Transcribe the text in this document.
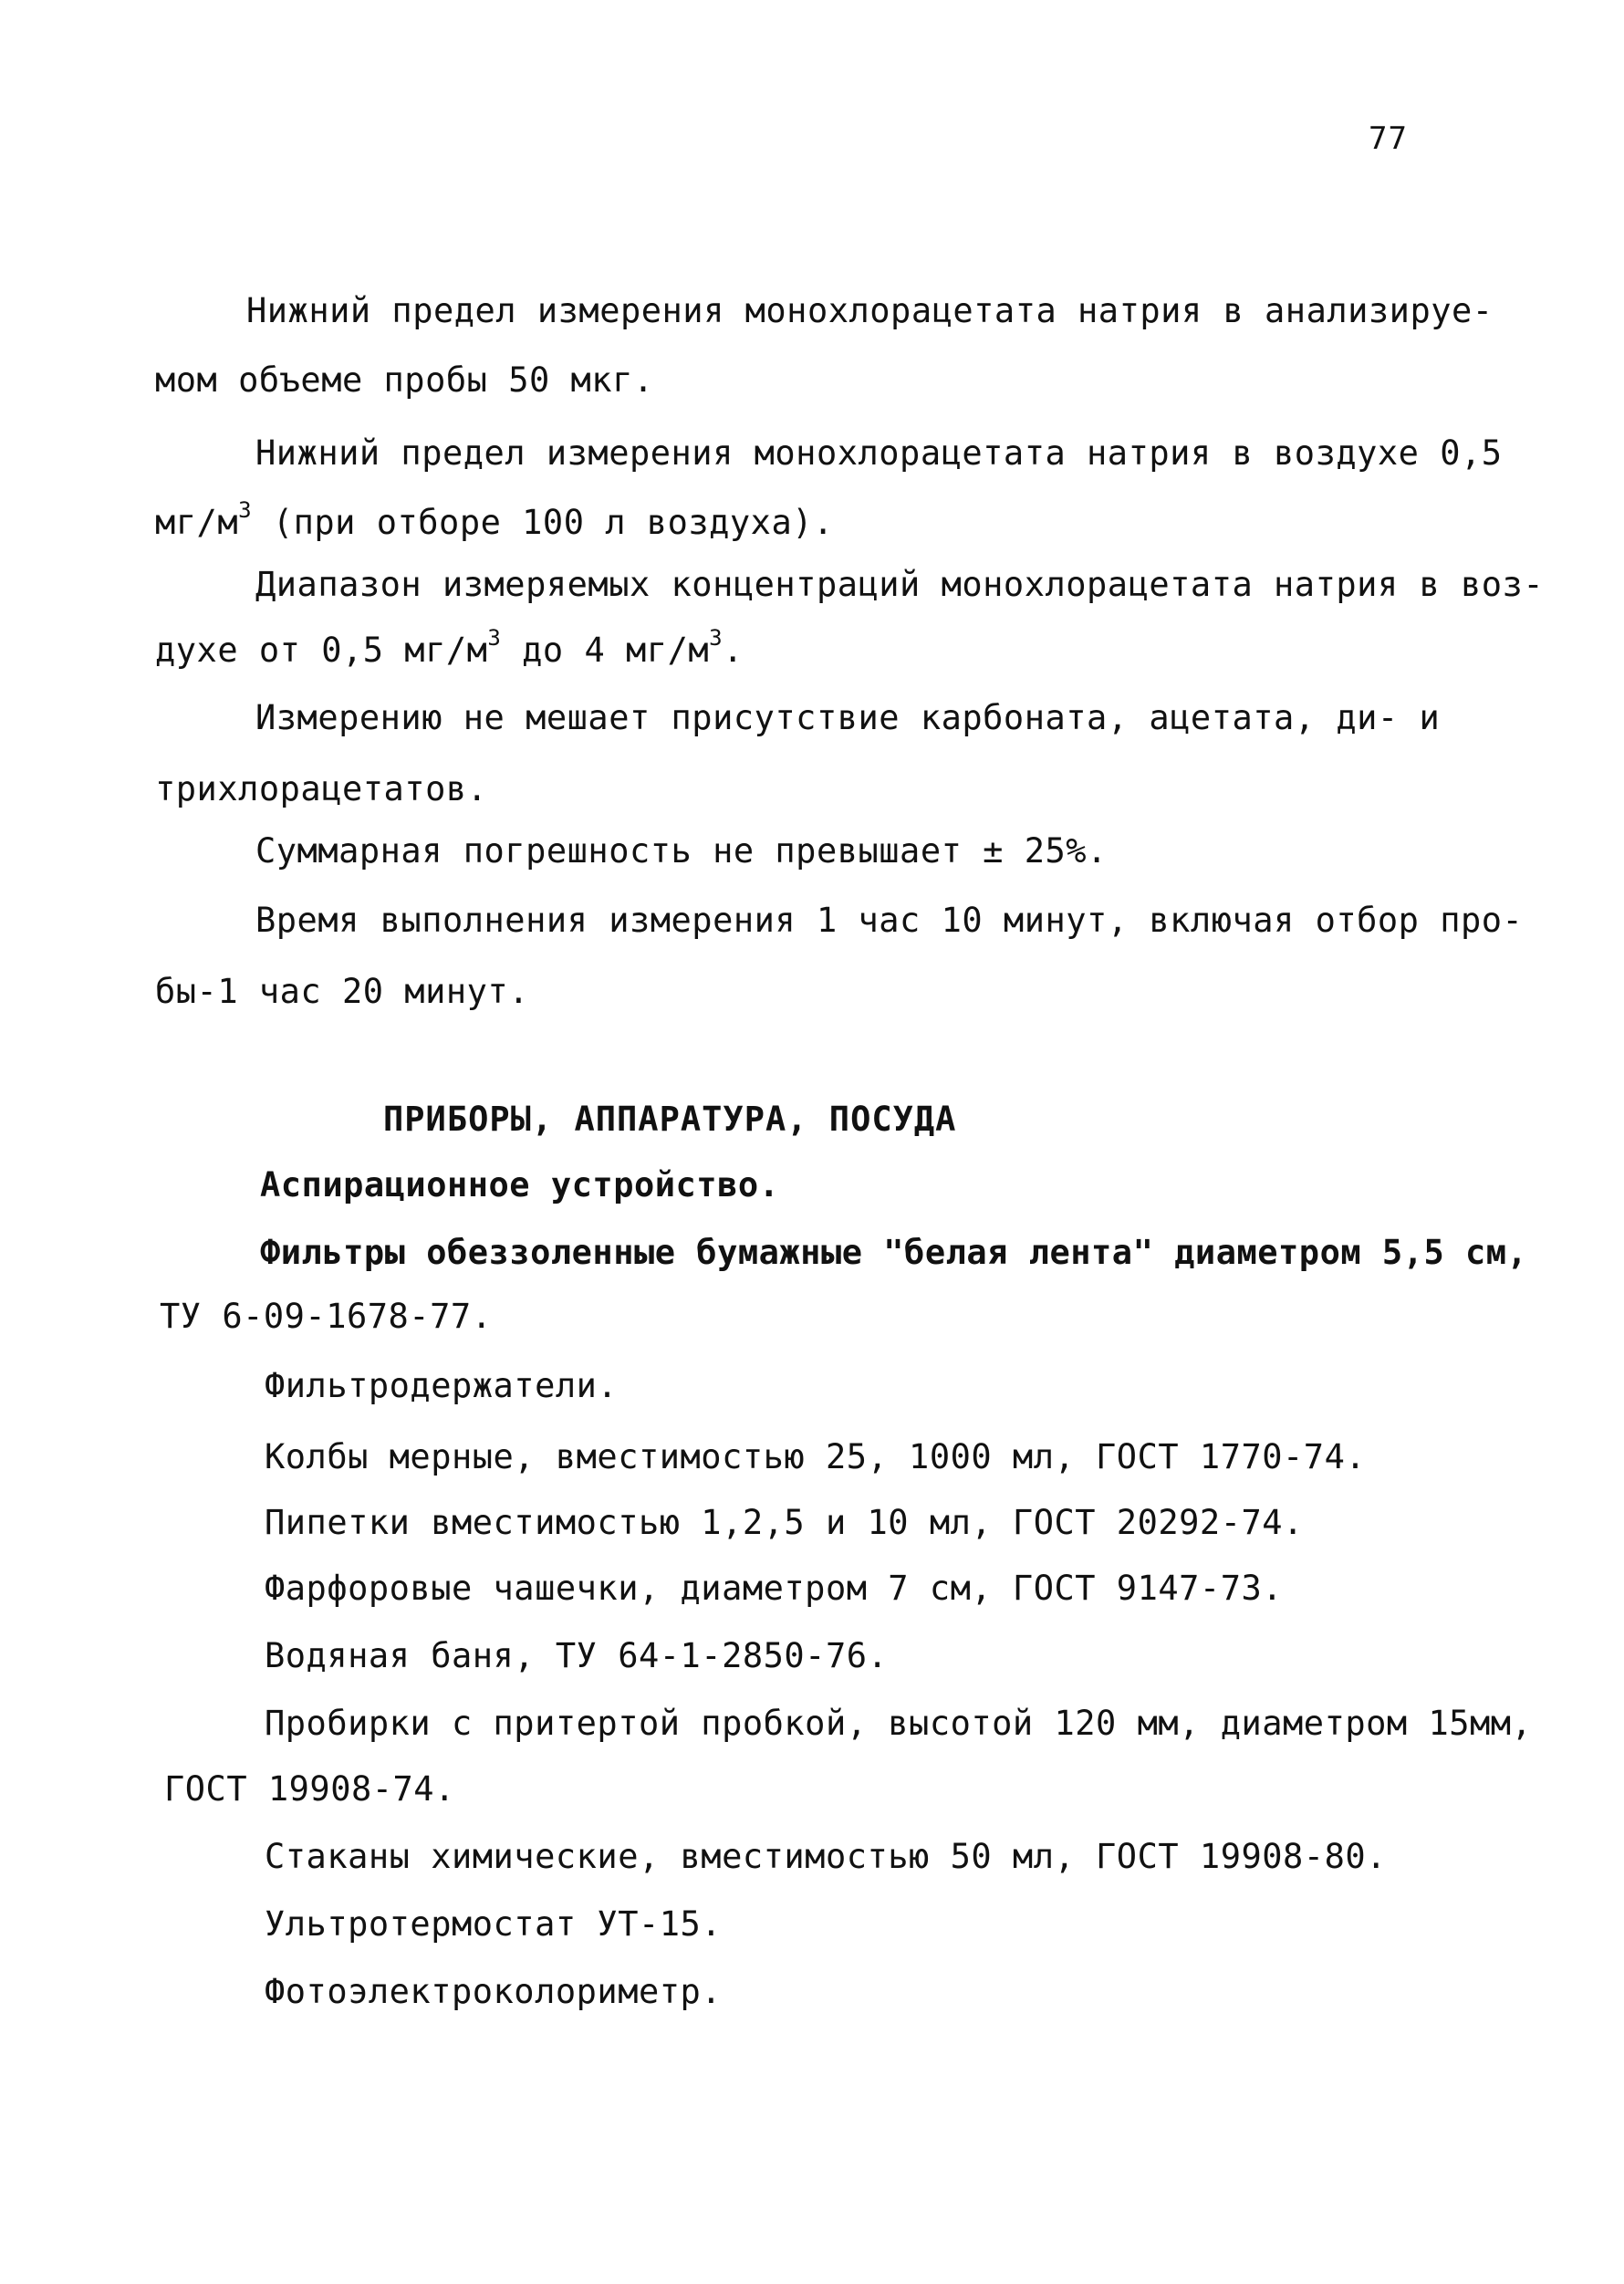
77
Нижний предел измерения монохлорацетата натрия в анализируе-
мом объеме пробы 50 мкг.
Нижний предел измерения монохлорацетата натрия в воздухе 0,5
$мг/м^3$ (при отборе 100 л воздуха).
Диапазон измеряемых концентраций монохлорацетата натрия в воз-
духе от 0,5 $мг/м^3$ до 4 $мг/м^3$.
Измерению не мешает присутствие карбоната, ацетата, ди- и
трихлорацетатов.
Суммарная погрешность не превышает ± 25%.
Время выполнения измерения 1 час 10 минут, включая отбор про-
бы-1 час 20 минут.
ПРИБОРЫ, АППАРАТУРА, ПОСУДА
Аспирационное устройство.
Фильтры обеззоленные бумажные "белая лента" диаметром 5,5 см,
ТУ 6-09-1678-77.
Фильтродержатели.
Колбы мерные, вместимостью 25, 1000 мл, ГОСТ 1770-74.
Пипетки вместимостью 1,2,5 и 10 мл, ГОСТ 20292-74.
Фарфоровые чашечки, диаметром 7 см, ГОСТ 9147-73.
Водяная баня, ТУ 64-1-2850-76.
Пробирки с притертой пробкой, высотой 120 мм, диаметром 15мм,
ГОСТ 19908-74.
Стаканы химические, вместимостью 50 мл, ГОСТ 19908-80.
Ультротермостат УТ-15.
Фотоэлектроколориметр.
